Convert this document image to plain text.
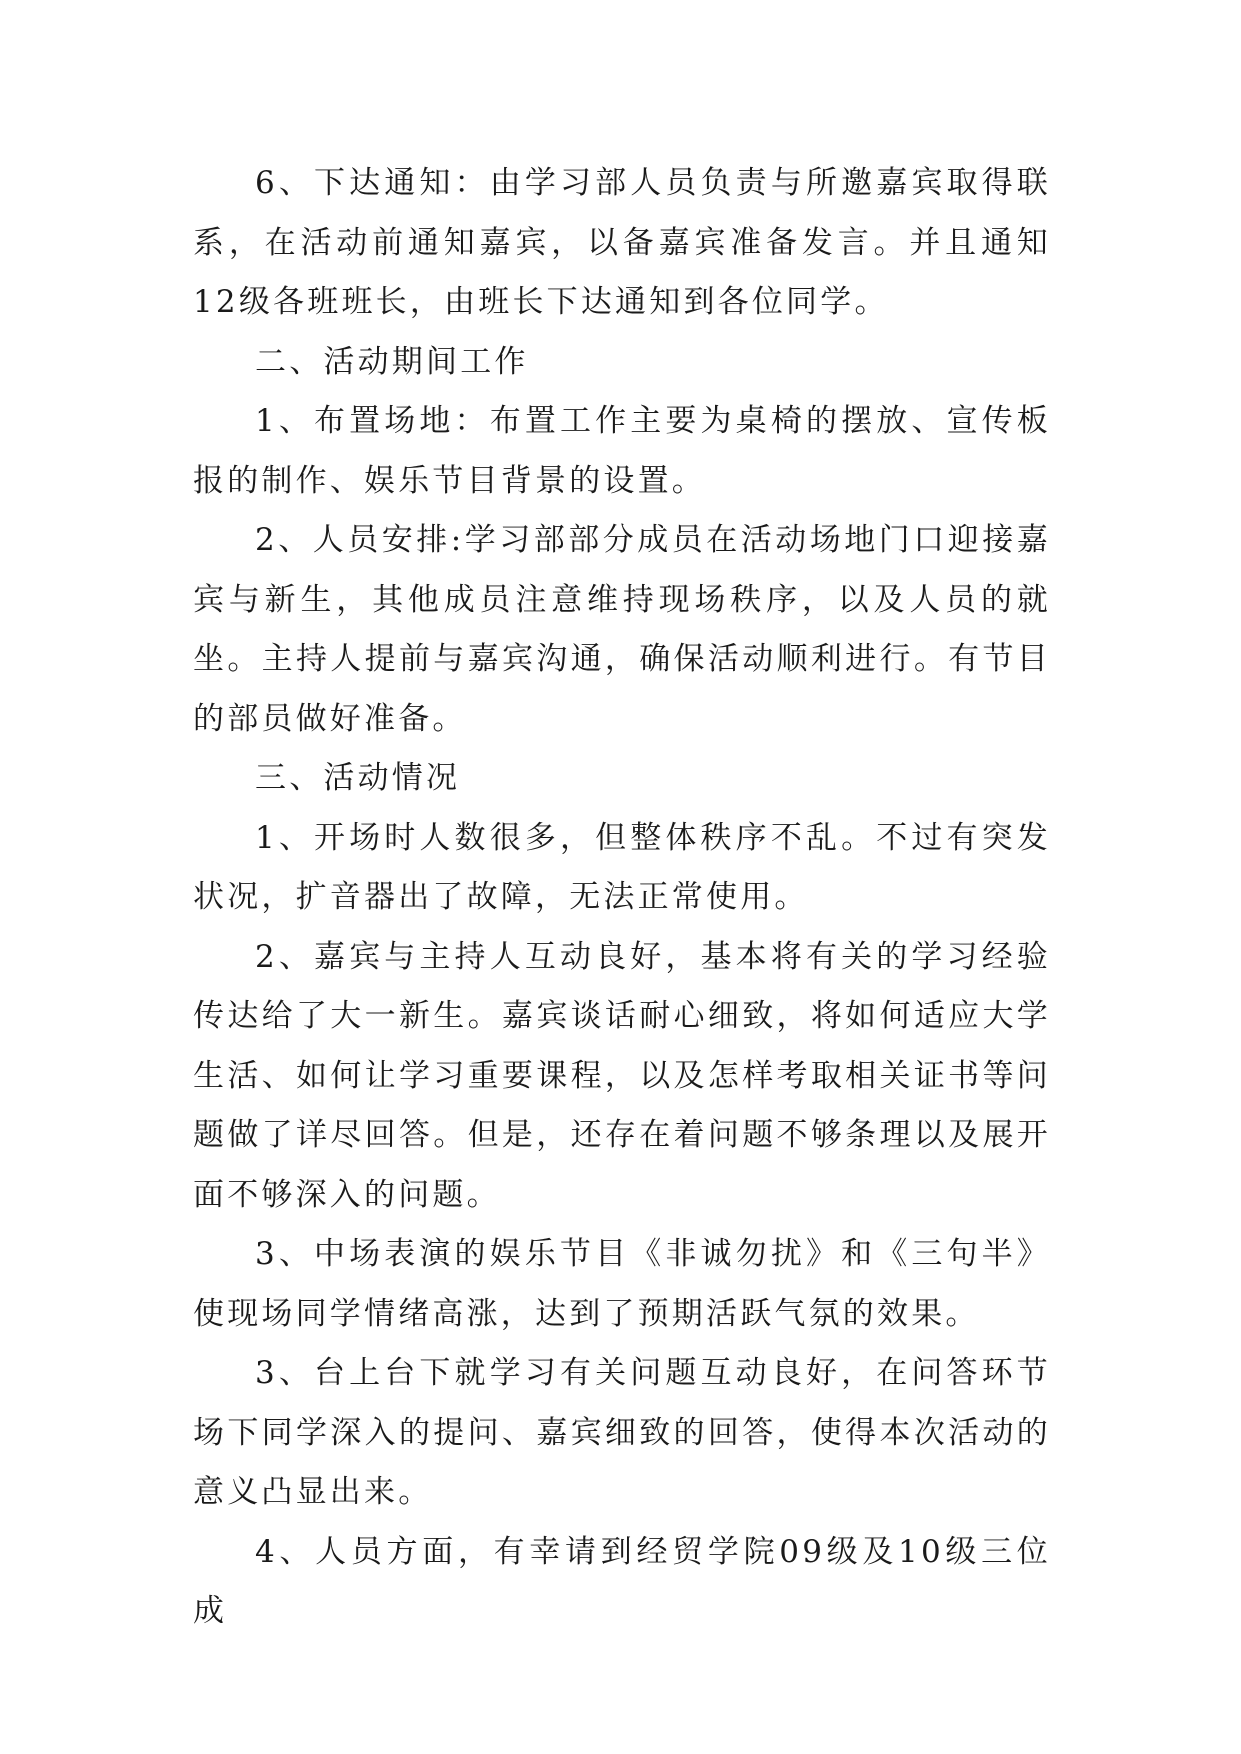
6、下达通知：由学习部人员负责与所邀嘉宾取得联系，在活动前通知嘉宾，以备嘉宾准备发言。并且通知12级各班班长，由班长下达通知到各位同学。

二、活动期间工作

1、布置场地：布置工作主要为桌椅的摆放、宣传板报的制作、娱乐节目背景的设置。

2、人员安排:学习部部分成员在活动场地门口迎接嘉宾与新生，其他成员注意维持现场秩序，以及人员的就坐。主持人提前与嘉宾沟通，确保活动顺利进行。有节目的部员做好准备。

三、活动情况

1、开场时人数很多，但整体秩序不乱。不过有突发状况，扩音器出了故障，无法正常使用。

2、嘉宾与主持人互动良好，基本将有关的学习经验传达给了大一新生。嘉宾谈话耐心细致，将如何适应大学生活、如何让学习重要课程，以及怎样考取相关证书等问题做了详尽回答。但是，还存在着问题不够条理以及展开面不够深入的问题。

3、中场表演的娱乐节目《非诚勿扰》和《三句半》使现场同学情绪高涨，达到了预期活跃气氛的效果。

3、台上台下就学习有关问题互动良好，在问答环节场下同学深入的提问、嘉宾细致的回答，使得本次活动的意义凸显出来。

4、人员方面，有幸请到经贸学院09级及10级三位成
